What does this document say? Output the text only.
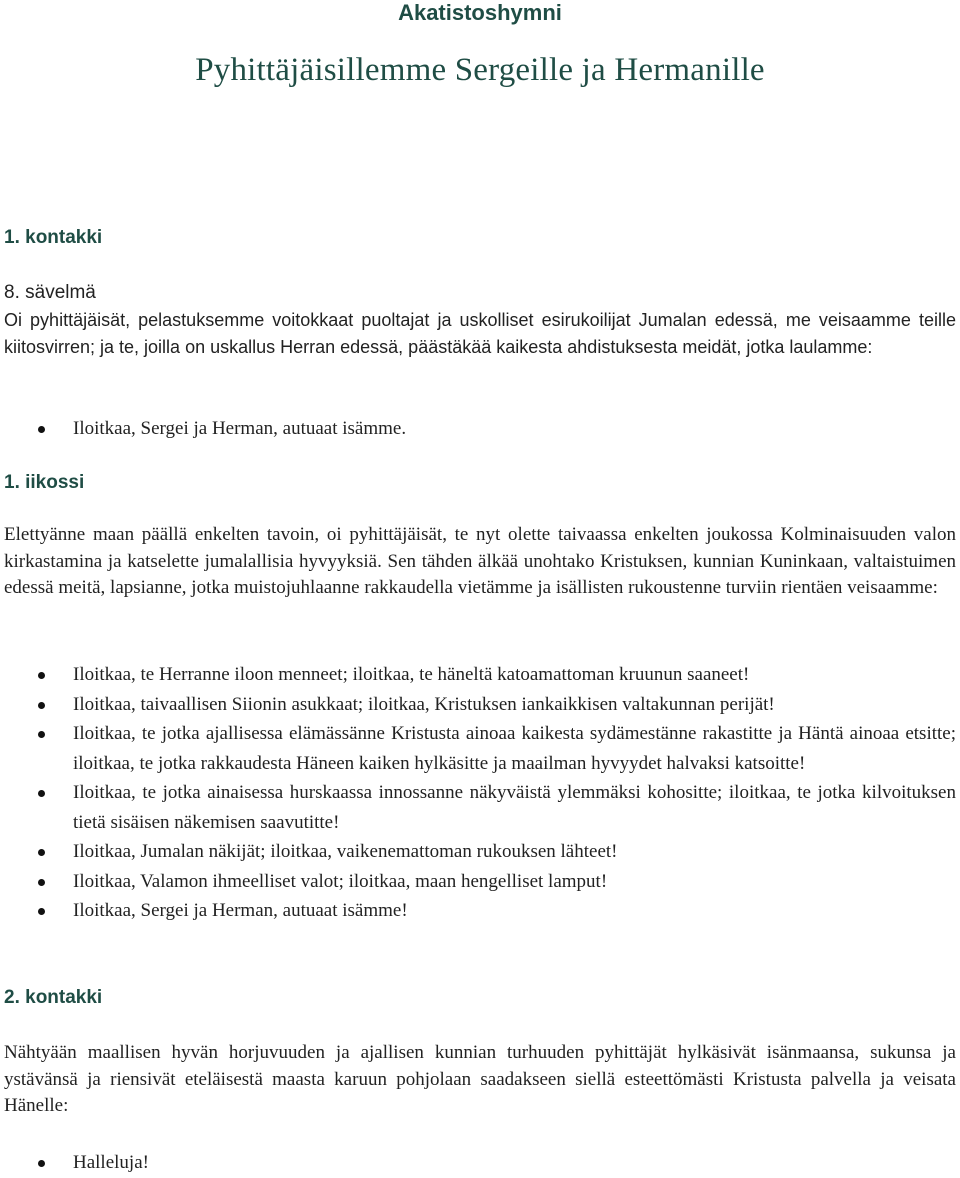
Akatistoshymni
Pyhittäjäisillemme Sergeille ja Hermanille
1. kontakki
8. sävelmä
Oi pyhittäjäisät, pelastuksemme voitokkaat puoltajat ja uskolliset esirukoilijat Jumalan edessä, me veisaamme teille kiitosvirren; ja te, joilla on uskallus Herran edessä, päästäkää kaikesta ahdistuksesta meidät, jotka laulamme:
Iloitkaa, Sergei ja Herman, autuaat isämme.
1. iikossi
Elettyänne maan päällä enkelten tavoin, oi pyhittäjäisät, te nyt olette taivaassa enkelten joukossa Kolminaisuuden valon kirkastamina ja katselette jumalallisia hyvyyksiä. Sen tähden älkää unohtako Kristuksen, kunnian Kuninkaan, valtaistuimen edessä meitä, lapsianne, jotka muistojuhlaanne rakkaudella vietämme ja isällisten rukoustenne turviin rientäen veisaamme:
Iloitkaa, te Herranne iloon menneet; iloitkaa, te häneltä katoamattoman kruunun saaneet!
Iloitkaa, taivaallisen Siionin asukkaat; iloitkaa, Kristuksen iankaikkisen valtakunnan perijät!
Iloitkaa, te jotka ajallisessa elämässänne Kristusta ainoaa kaikesta sydämestänne rakastitte ja Häntä ainoaa etsitte; iloitkaa, te jotka rakkaudesta Häneen kaiken hylkäsitte ja maailman hyvyydet halvaksi katsoitte!
Iloitkaa, te jotka ainaisessa hurskaassa innossanne näkyväistä ylemmäksi kohositte; iloitkaa, te jotka kilvoituksen tietä sisäisen näkemisen saavutitte!
Iloitkaa, Jumalan näkijät; iloitkaa, vaikenemattoman rukouksen lähteet!
Iloitkaa, Valamon ihmeelliset valot; iloitkaa, maan hengelliset lamput!
Iloitkaa, Sergei ja Herman, autuaat isämme!
2. kontakki
Nähtyään maallisen hyvän horjuvuuden ja ajallisen kunnian turhuuden pyhittäjät hylkäsivät isänmaansa, sukunsa ja ystävänsä ja riensivät eteläisestä maasta karuun pohjolaan saadakseen siellä esteettömästi Kristusta palvella ja veisata Hänelle:
Halleluja!
